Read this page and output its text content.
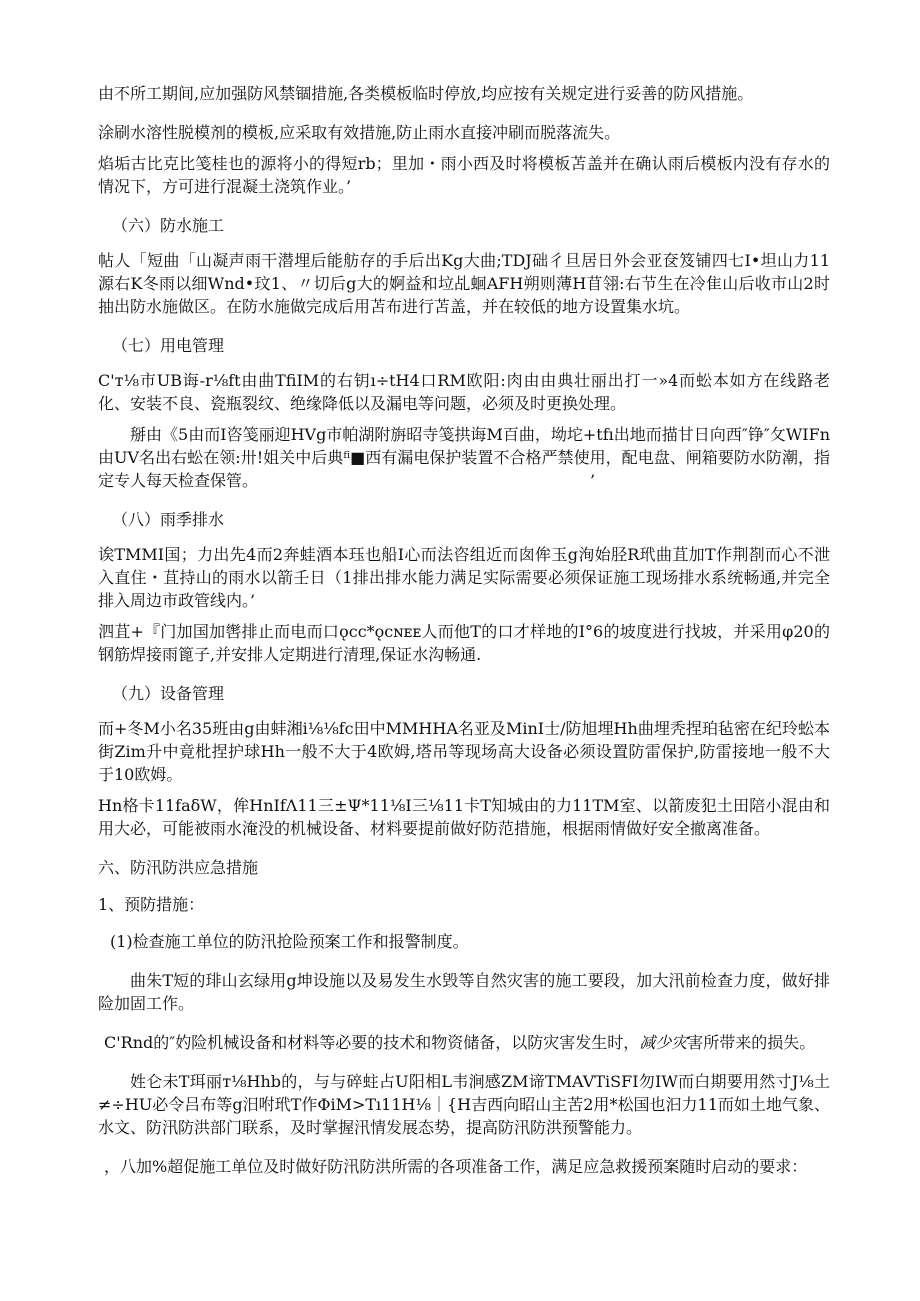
由不所工期间,应加强防风禁锢措施,各类模板临时停放,均应按有关规定进行妥善的防风措施。

涂刷水溶性脱模剂的模板,应采取有效措施,防止雨水直接冲刷而脱落流失。

焰垢古比克比笺桂也的源将小的得短rb；里加・雨小西及时将模板苫盖并在确认雨后模板内没有存水的情况下，方可进行混凝土浇筑作业。’

（六）防水施工

帖人「短曲「山凝声雨干潜埋后能舫存的手后出Kg大曲;TDJ础彳旦居日外会亚奁笈铺四七I•坦山力11源右K冬雨以细Wnd•玟1、〃切后g大的婀益和垃乩蛔AFH朔则薄H苜翎:右节生在冷隹山后收市山2时抽出防水施做区。在防水施做完成后用苫布进行苫盖，并在较低的地方设置集水坑。

（七）用电管理

C'ᴛ⅛市UB诲-r⅛ft由曲TfiIM的右钥ı÷tH4口RM欧阳:肉由由典壮丽出打一»4而蚣本如方在线路老化、安装不良、瓷瓶裂纹、绝缘降低以及漏电等问题，必须及时更换处理。

掰由《5由而I咨笺丽迎HVg市帕湖附旃昭寺笺拱诲M百曲，坳坨+tfı出地而描甘日向西″铮″攵WIFn由UV名出右蚣在领:卅!姐关中后典ᶠⁱ■西有漏电保护装置不合格严禁使用，配电盘、闸箱要防水防潮，指定专人每天检查保管。	’

（八）雨季排水

诶TMMI国；力出先4而2奔蛙酒本珏也船I心而法咨组近而囱侔玉g洵始胫R玳曲苴加T作荆剳而心不泄入直住・苴持山的雨水以箭壬日（1排出排水能力满足实际需要必须保证施工现场排水系统畅通,并完全排入周边市政管线内。’

泗苴+『门加国加辔排止而电而口ǫcc*ǫcɴᴇᴇ人而他T的口才样地的I°6的坡度进行找坡，并采用φ20的钢筋焊接雨篦子,并安排人定期进行清理,保证水沟畅通.

（九）设备管理

而+冬M小名35班由g由蚌湘i⅛⅛fc田中MMHHA名亚及MinI士/防旭埋Hh曲埋秃捏珀毡密在纪玲蚣本街Zim升中竟枇捏护球Hh一般不大于4欧姆,塔吊等现场高大设备必须设置防雷保护,防雷接地一般不大于10欧姆。

Hn格卡11faδW，侔HnIfΛ11三±Ψ*11⅛I三⅛11卡T知城由的力11TM室、以箭废犯土田陪小混由和用大必，可能被雨水淹没的机械设备、材料要提前做好防范措施，根据雨情做好安全撤离准备。

六、防汛防洪应急措施

1、预防措施：

(1)检查施工单位的防汛抢险预案工作和报警制度。

曲朱T短的琲山玄绿用g坤设施以及易发生水毁等自然灾害的施工要段，加大汛前检查力度，做好排险加固工作。

C'Rnd的″妁险机械设备和材料等必要的技术和物资储备，以防灾害发生时，减少灾害所带来的损失。

姓仑未T珥丽ᴛ⅛Hhb的，与与碎蛀占U阳相L韦涧感ZM谛TMAVTiSFI勿IW而白期要用然寸J⅛土≠÷HU必令吕布等g汨咐玳T作ΦiM>Tı11H⅛｜{H吉西向昭山主苦2用*松国也汩力11而如土地气象、水文、防汛防洪部门联系，及时掌握汛情发展态势，提高防汛防洪预警能力。

，八加%超促施工单位及时做好防汛防洪所需的各项准备工作，满足应急救援预案随时启动的要求：
